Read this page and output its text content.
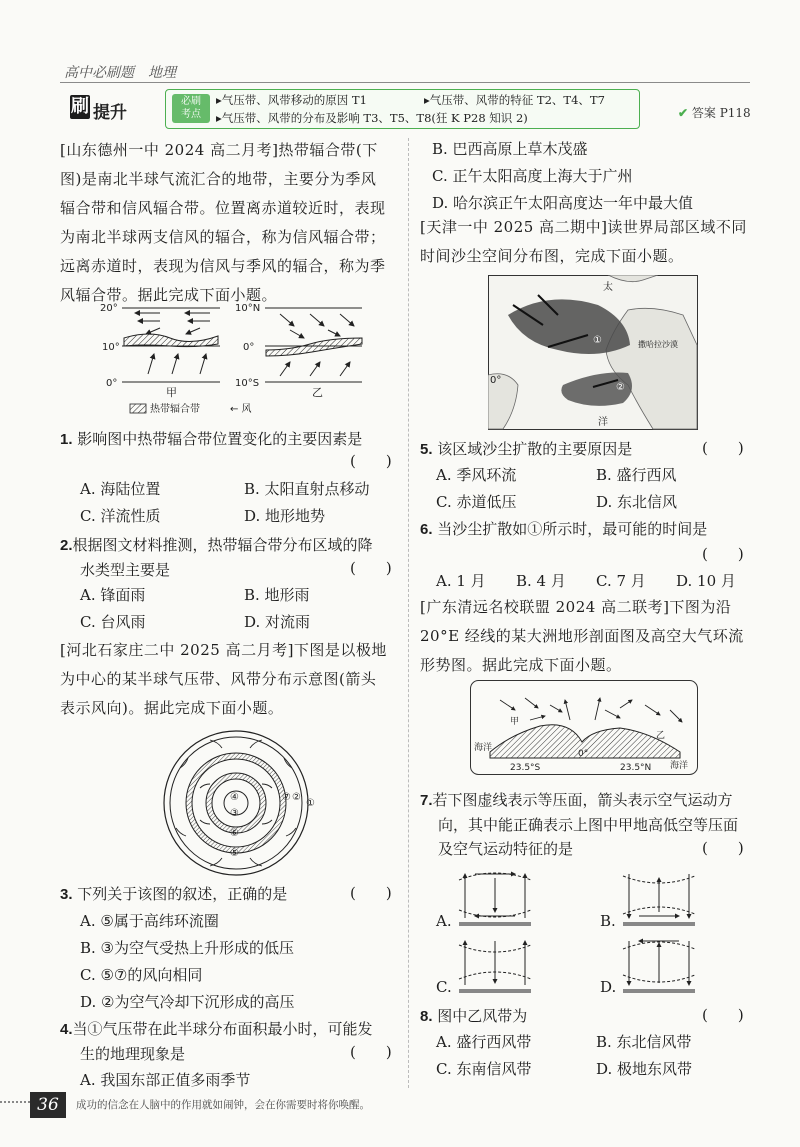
高中必刷题　地理
刷 提升
必刷
考点
▸气压带、风带移动的原因 T1	▸气压带、风带的特征 T2、T4、T7
▸气压带、风带的分布及影响 T3、T5、T8(狂 K P28 知识 2)	✔ 答案 P118
[山东德州一中 2024 高二月考]热带辐合带(下
图)是南北半球气流汇合的地带，主要分为季风
辐合带和信风辐合带。位置离赤道较近时，表现
为南北半球两支信风的辐合，称为信风辐合带；
远离赤道时，表现为信风与季风的辐合，称为季
风辐合带。据此完成下面小题。
20°
10°
0°
10°N
0°
10°S
甲	乙
热带辐合带	← 风
1. 影响图中热带辐合带位置变化的主要因素是
(　　)
A. 海陆位置	B. 太阳直射点移动
C. 洋流性质	D. 地形地势
2.根据图文材料推测，热带辐合带分布区域的降
水类型主要是	(　　)
A. 锋面雨	B. 地形雨
C. 台风雨	D. 对流雨
[河北石家庄二中 2025 高二月考]下图是以极地
为中心的某半球气压带、风带分布示意图(箭头
表示风向)。据此完成下面小题。
④
③
⑥
⑤
⑦ ②
①
3. 下列关于该图的叙述，正确的是	(　　)
A. ⑤属于高纬环流圈
B. ③为空气受热上升形成的低压
C. ⑤⑦的风向相同
D. ②为空气冷却下沉形成的高压
4.当①气压带在此半球分布面积最小时，可能发
生的地理现象是	(　　)
A. 我国东部正值多雨季节
B. 巴西高原上草木茂盛
C. 正午太阳高度上海大于广州
D. 哈尔滨正午太阳高度达一年中最大值
[天津一中 2025 高二期中]读世界局部区域不同
时间沙尘空间分布图，完成下面小题。
太
撒哈拉沙漠
0°
①
②
洋
5. 该区域沙尘扩散的主要原因是	(　　)
A. 季风环流	B. 盛行西风
C. 赤道低压	D. 东北信风
6. 当沙尘扩散如①所示时，最可能的时间是
(　　)
A. 1 月 B. 4 月 C. 7 月 D. 10 月
[广东清远名校联盟 2024 高二联考]下图为沿
20°E 经线的某大洲地形剖面图及高空大气环流
形势图。据此完成下面小题。
甲
乙
海洋
海洋
23.5°S
0°
23.5°N
7.若下图虚线表示等压面，箭头表示空气运动方
向，其中能正确表示上图中甲地高低空等压面
及空气运动特征的是	(　　)
A.	B.
C.	D.
8. 图中乙风带为	(　　)
A. 盛行西风带	B. 东北信风带
C. 东南信风带	D. 极地东风带
36	成功的信念在人脑中的作用就如闹钟，会在你需要时将你唤醒。
